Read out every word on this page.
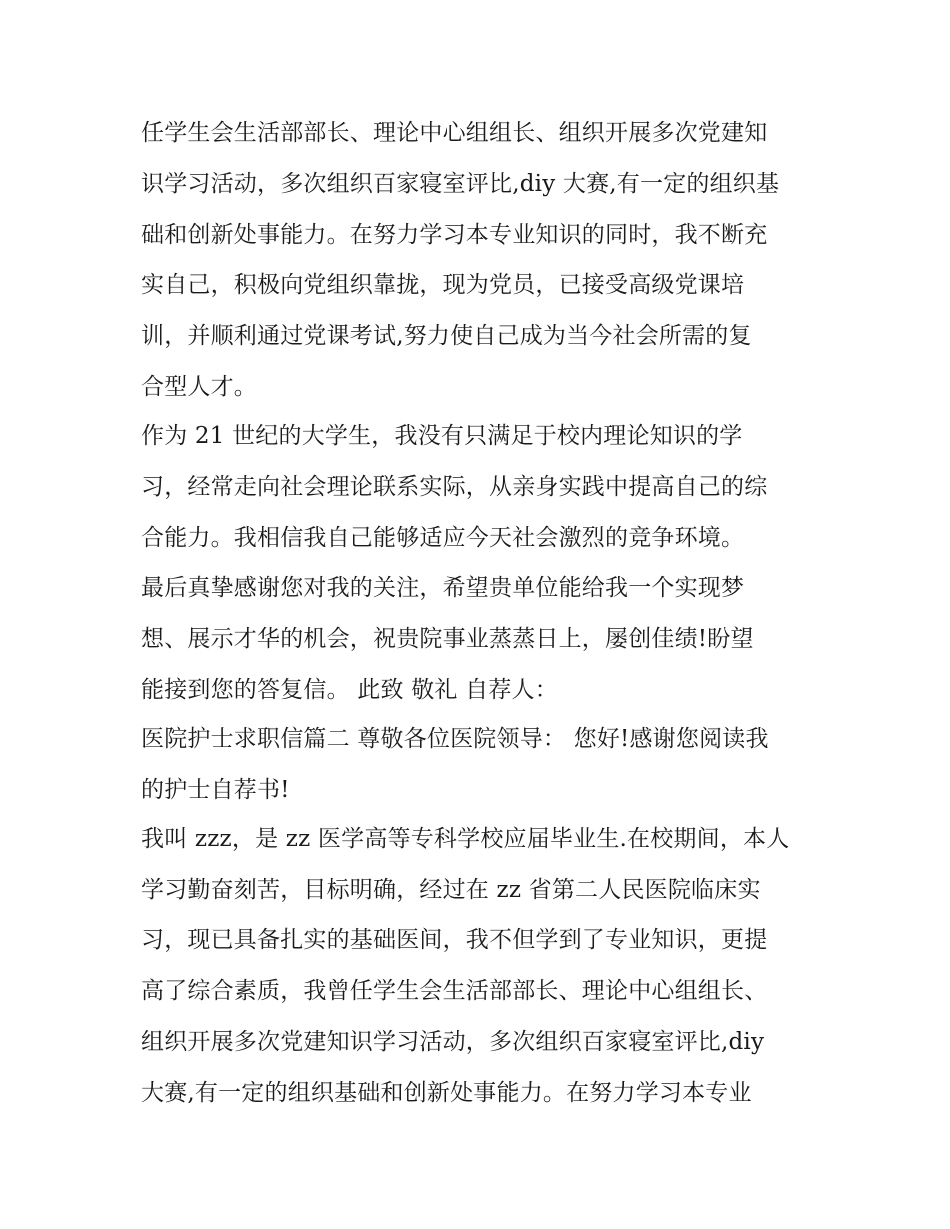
任学生会生活部部长、理论中心组组长、组织开展多次党建知
识学习活动，多次组织百家寝室评比,diy 大赛,有一定的组织基
础和创新处事能力。在努力学习本专业知识的同时，我不断充
实自己，积极向党组织靠拢，现为党员，已接受高级党课培
训，并顺利通过党课考试,努力使自己成为当今社会所需的复
合型人才。
作为 21 世纪的大学生，我没有只满足于校内理论知识的学
习，经常走向社会理论联系实际，从亲身实践中提高自己的综
合能力。我相信我自己能够适应今天社会激烈的竞争环境。
最后真挚感谢您对我的关注，希望贵单位能给我一个实现梦
想、展示才华的机会，祝贵院事业蒸蒸日上，屡创佳绩!盼望
能接到您的答复信。 此致 敬礼 自荐人：
医院护士求职信篇二 尊敬各位医院领导： 您好!感谢您阅读我
的护士自荐书!
我叫 zzz，是 zz 医学高等专科学校应届毕业生.在校期间，本人
学习勤奋刻苦，目标明确，经过在 zz 省第二人民医院临床实
习，现已具备扎实的基础医间，我不但学到了专业知识，更提
高了综合素质，我曾任学生会生活部部长、理论中心组组长、
组织开展多次党建知识学习活动，多次组织百家寝室评比,diy
大赛,有一定的组织基础和创新处事能力。在努力学习本专业
